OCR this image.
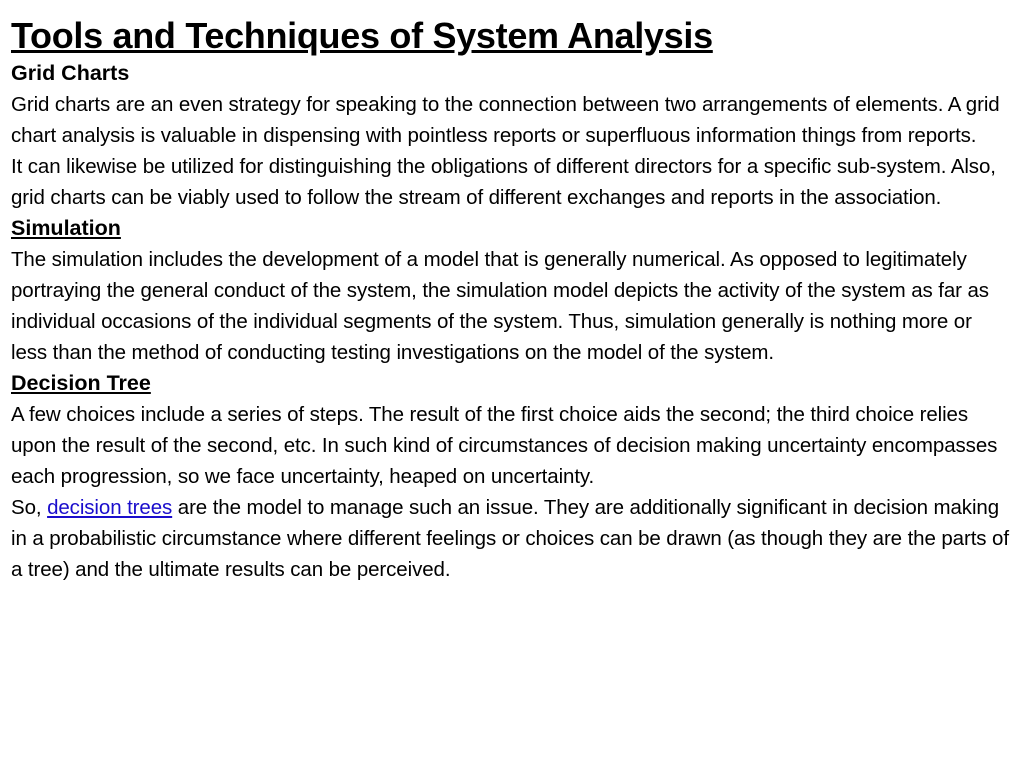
Tools and Techniques of System Analysis
Grid Charts

Grid charts are an even strategy for speaking to the connection between two arrangements of elements. A grid chart analysis is valuable in dispensing with pointless reports or superfluous information things from reports.

It can likewise be utilized for distinguishing the obligations of different directors for a specific sub-system. Also, grid charts can be viably used to follow the stream of different exchanges and reports in the association.

Simulation

The simulation includes the development of a model that is generally numerical. As opposed to legitimately portraying the general conduct of the system, the simulation model depicts the activity of the system as far as individual occasions of the individual segments of the system. Thus, simulation generally is nothing more or less than the method of conducting testing investigations on the model of the system.

Decision Tree

A few choices include a series of steps. The result of the first choice aids the second; the third choice relies upon the result of the second, etc. In such kind of circumstances of decision making uncertainty encompasses each progression, so we face uncertainty, heaped on uncertainty.

So, decision trees are the model to manage such an issue. They are additionally significant in decision making in a probabilistic circumstance where different feelings or choices can be drawn (as though they are the parts of a tree) and the ultimate results can be perceived.
